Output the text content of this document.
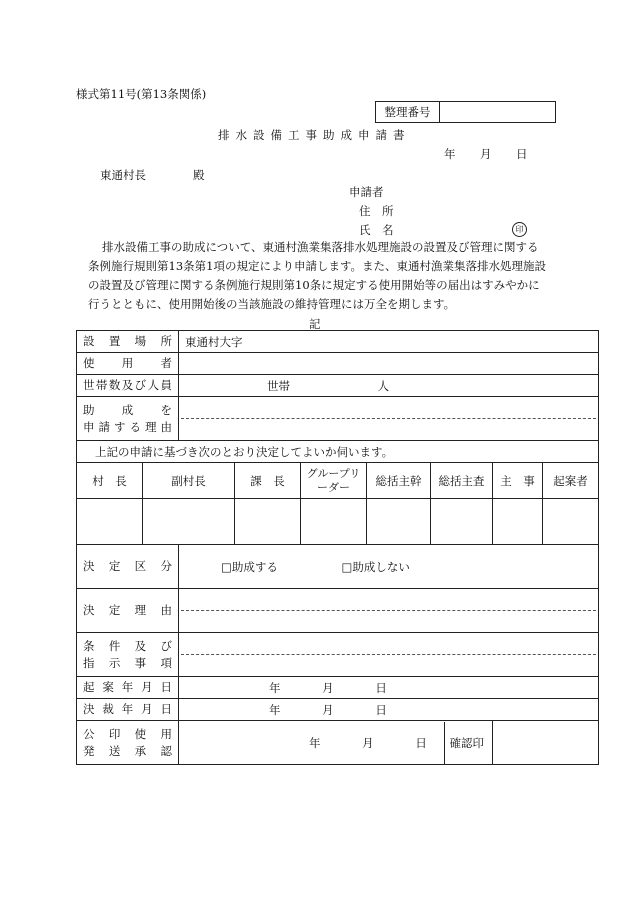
様式第11号(第13条関係)
整理番号	
排水設備工事助成申請書
年 月 日
東通村長	殿
申請者
住　所
氏　名	印
排水設備工事の助成について、東通村漁業集落排水処理施設の設置及び管理に関する
条例施行規則第13条第1項の規定により申請します。また、東通村漁業集落排水処理施設
の設置及び管理に関する条例施行規則第10条に規定する使用開始等の届出はすみやかに
行うとともに、使用開始後の当該施設の維持管理には万全を期します。
記
設置場所		東通村大字						

使用者								

世帯数及び人員		世帯 人						

助成を
申請する理由								

上記の申請に基づき次のとおり決定してよいか伺います。								
村　長	副村長		課　長	グループリーダー	総括主幹	総括主査	主　事	起案者

決定区分		□助成する □助成しない						

決定理由								

条件及び
指示事項								

起案年月日		年 月 日						

決裁年月日		年 月 日						

公印使用
発送承認		年 月 日 確認印						
